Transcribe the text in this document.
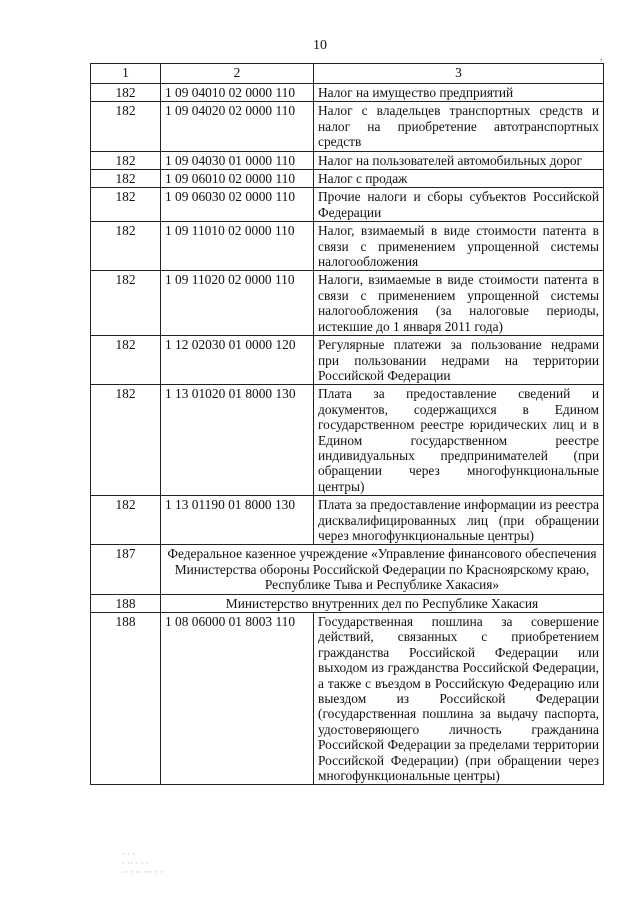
10
,
1	2	3
182	1 09 04010 02 0000 110	Налог на имущество предприятий
182	1 09 04020 02 0000 110	Налог с владельцев транспортных средств и налог на приобретение автотранспортных средств
182	1 09 04030 01 0000 110	Налог на пользователей автомобильных дорог
182	1 09 06010 02 0000 110	Налог с продаж
182	1 09 06030 02 0000 110	Прочие налоги и сборы субъектов Российской Федерации
182	1 09 11010 02 0000 110	Налог, взимаемый в виде стоимости патента в связи с применением упрощенной системы налогообложения
182	1 09 11020 02 0000 110	Налоги, взимаемые в виде стоимости патента в связи с применением упрощенной системы налогообложения (за налоговые периоды, истекшие до 1 января 2011 года)
182	1 12 02030 01 0000 120	Регулярные платежи за пользование недрами при пользовании недрами на территории Российской Федерации
182	1 13 01020 01 8000 130	Плата за предоставление сведений и документов, содержащихся в Едином государственном реестре юридических лиц и в Едином государственном реестре индивидуальных предпринимателей (при обращении через многофункциональные центры)
182	1 13 01190 01 8000 130	Плата за предоставление информации из реестра дисквалифицированных лиц (при обращении через многофункциональные центры)
187	Федеральное казенное учреждение «Управление финансового обеспечения Министерства обороны Российской Федерации по Красноярскому краю, Республике Тыва и Республике Хакасия»	
188	Министерство внутренних дел по Республике Хакасия	
188	1 08 06000 01 8003 110	Государственная пошлина за совершение действий, связанных с приобретением гражданства Российской Федерации или выходом из гражданства Российской Федерации, а также с въездом в Российскую Федерацию или выездом из Российской Федерации (государственная пошлина за выдачу паспорта, удостоверяющего личность гражданина Российской Федерации за пределами территории Российской Федерации) (при обращении через многофункциональные центры)
· · ·
· ·· · · ·
·· · ·· ··· · ·
